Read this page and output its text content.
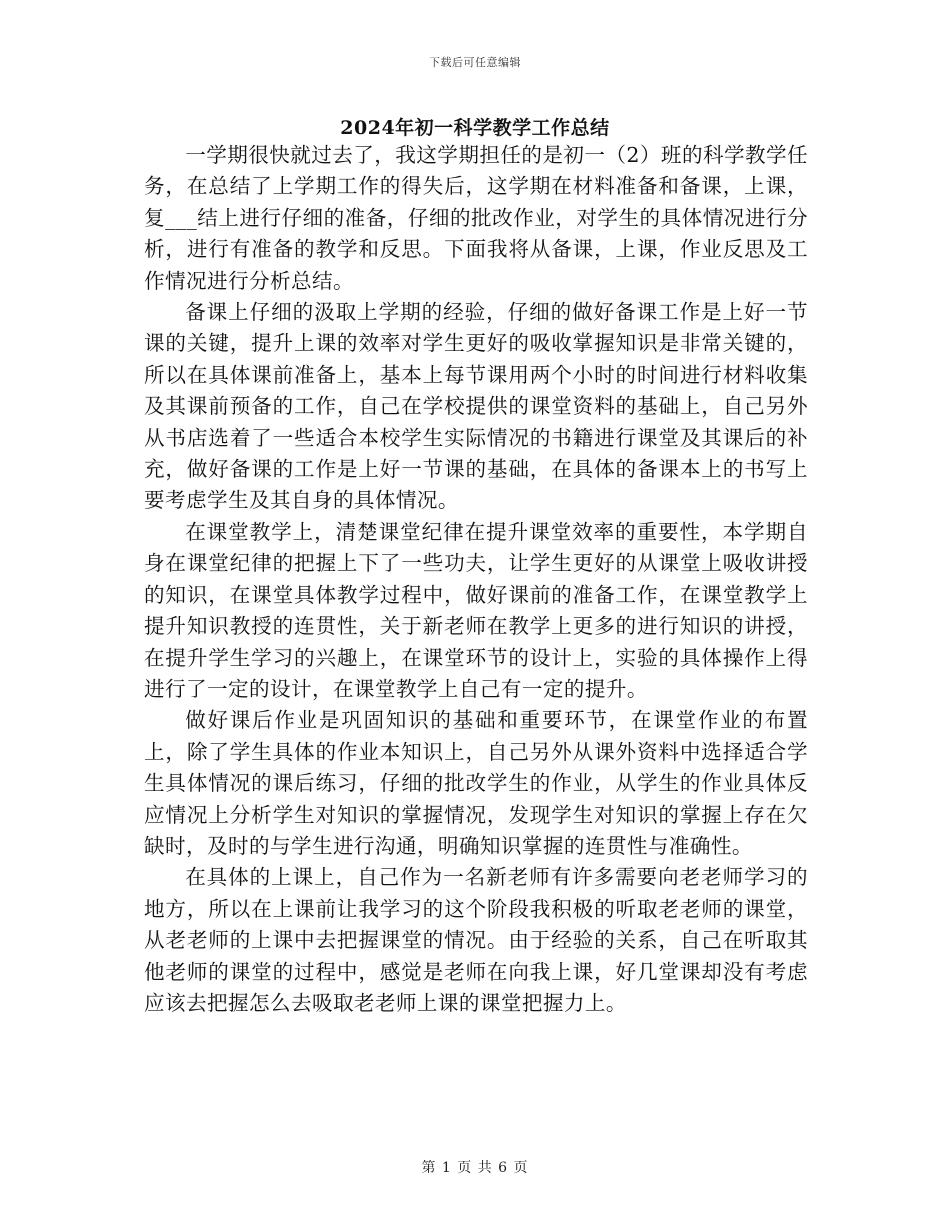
下载后可任意编辑
2024年初一科学教学工作总结

一学期很快就过去了，我这学期担任的是初一（2）班的科学教学任务，在总结了上学期工作的得失后，这学期在材料准备和备课，上课，复___结上进行仔细的准备，仔细的批改作业，对学生的具体情况进行分析，进行有准备的教学和反思。下面我将从备课，上课，作业反思及工作情况进行分析总结。

备课上仔细的汲取上学期的经验，仔细的做好备课工作是上好一节课的关键，提升上课的效率对学生更好的吸收掌握知识是非常关键的，所以在具体课前准备上，基本上每节课用两个小时的时间进行材料收集及其课前预备的工作，自己在学校提供的课堂资料的基础上，自己另外从书店选着了一些适合本校学生实际情况的书籍进行课堂及其课后的补充，做好备课的工作是上好一节课的基础，在具体的备课本上的书写上要考虑学生及其自身的具体情况。

在课堂教学上，清楚课堂纪律在提升课堂效率的重要性，本学期自身在课堂纪律的把握上下了一些功夫，让学生更好的从课堂上吸收讲授的知识，在课堂具体教学过程中，做好课前的准备工作，在课堂教学上提升知识教授的连贯性，关于新老师在教学上更多的进行知识的讲授，在提升学生学习的兴趣上，在课堂环节的设计上，实验的具体操作上得进行了一定的设计，在课堂教学上自己有一定的提升。

做好课后作业是巩固知识的基础和重要环节，在课堂作业的布置上，除了学生具体的作业本知识上，自己另外从课外资料中选择适合学生具体情况的课后练习，仔细的批改学生的作业，从学生的作业具体反应情况上分析学生对知识的掌握情况，发现学生对知识的掌握上存在欠缺时，及时的与学生进行沟通，明确知识掌握的连贯性与准确性。

在具体的上课上，自己作为一名新老师有许多需要向老老师学习的地方，所以在上课前让我学习的这个阶段我积极的听取老老师的课堂，从老老师的上课中去把握课堂的情况。由于经验的关系，自己在听取其他老师的课堂的过程中，感觉是老师在向我上课，好几堂课却没有考虑应该去把握怎么去吸取老老师上课的课堂把握力上。

第 1 页 共 6 页
